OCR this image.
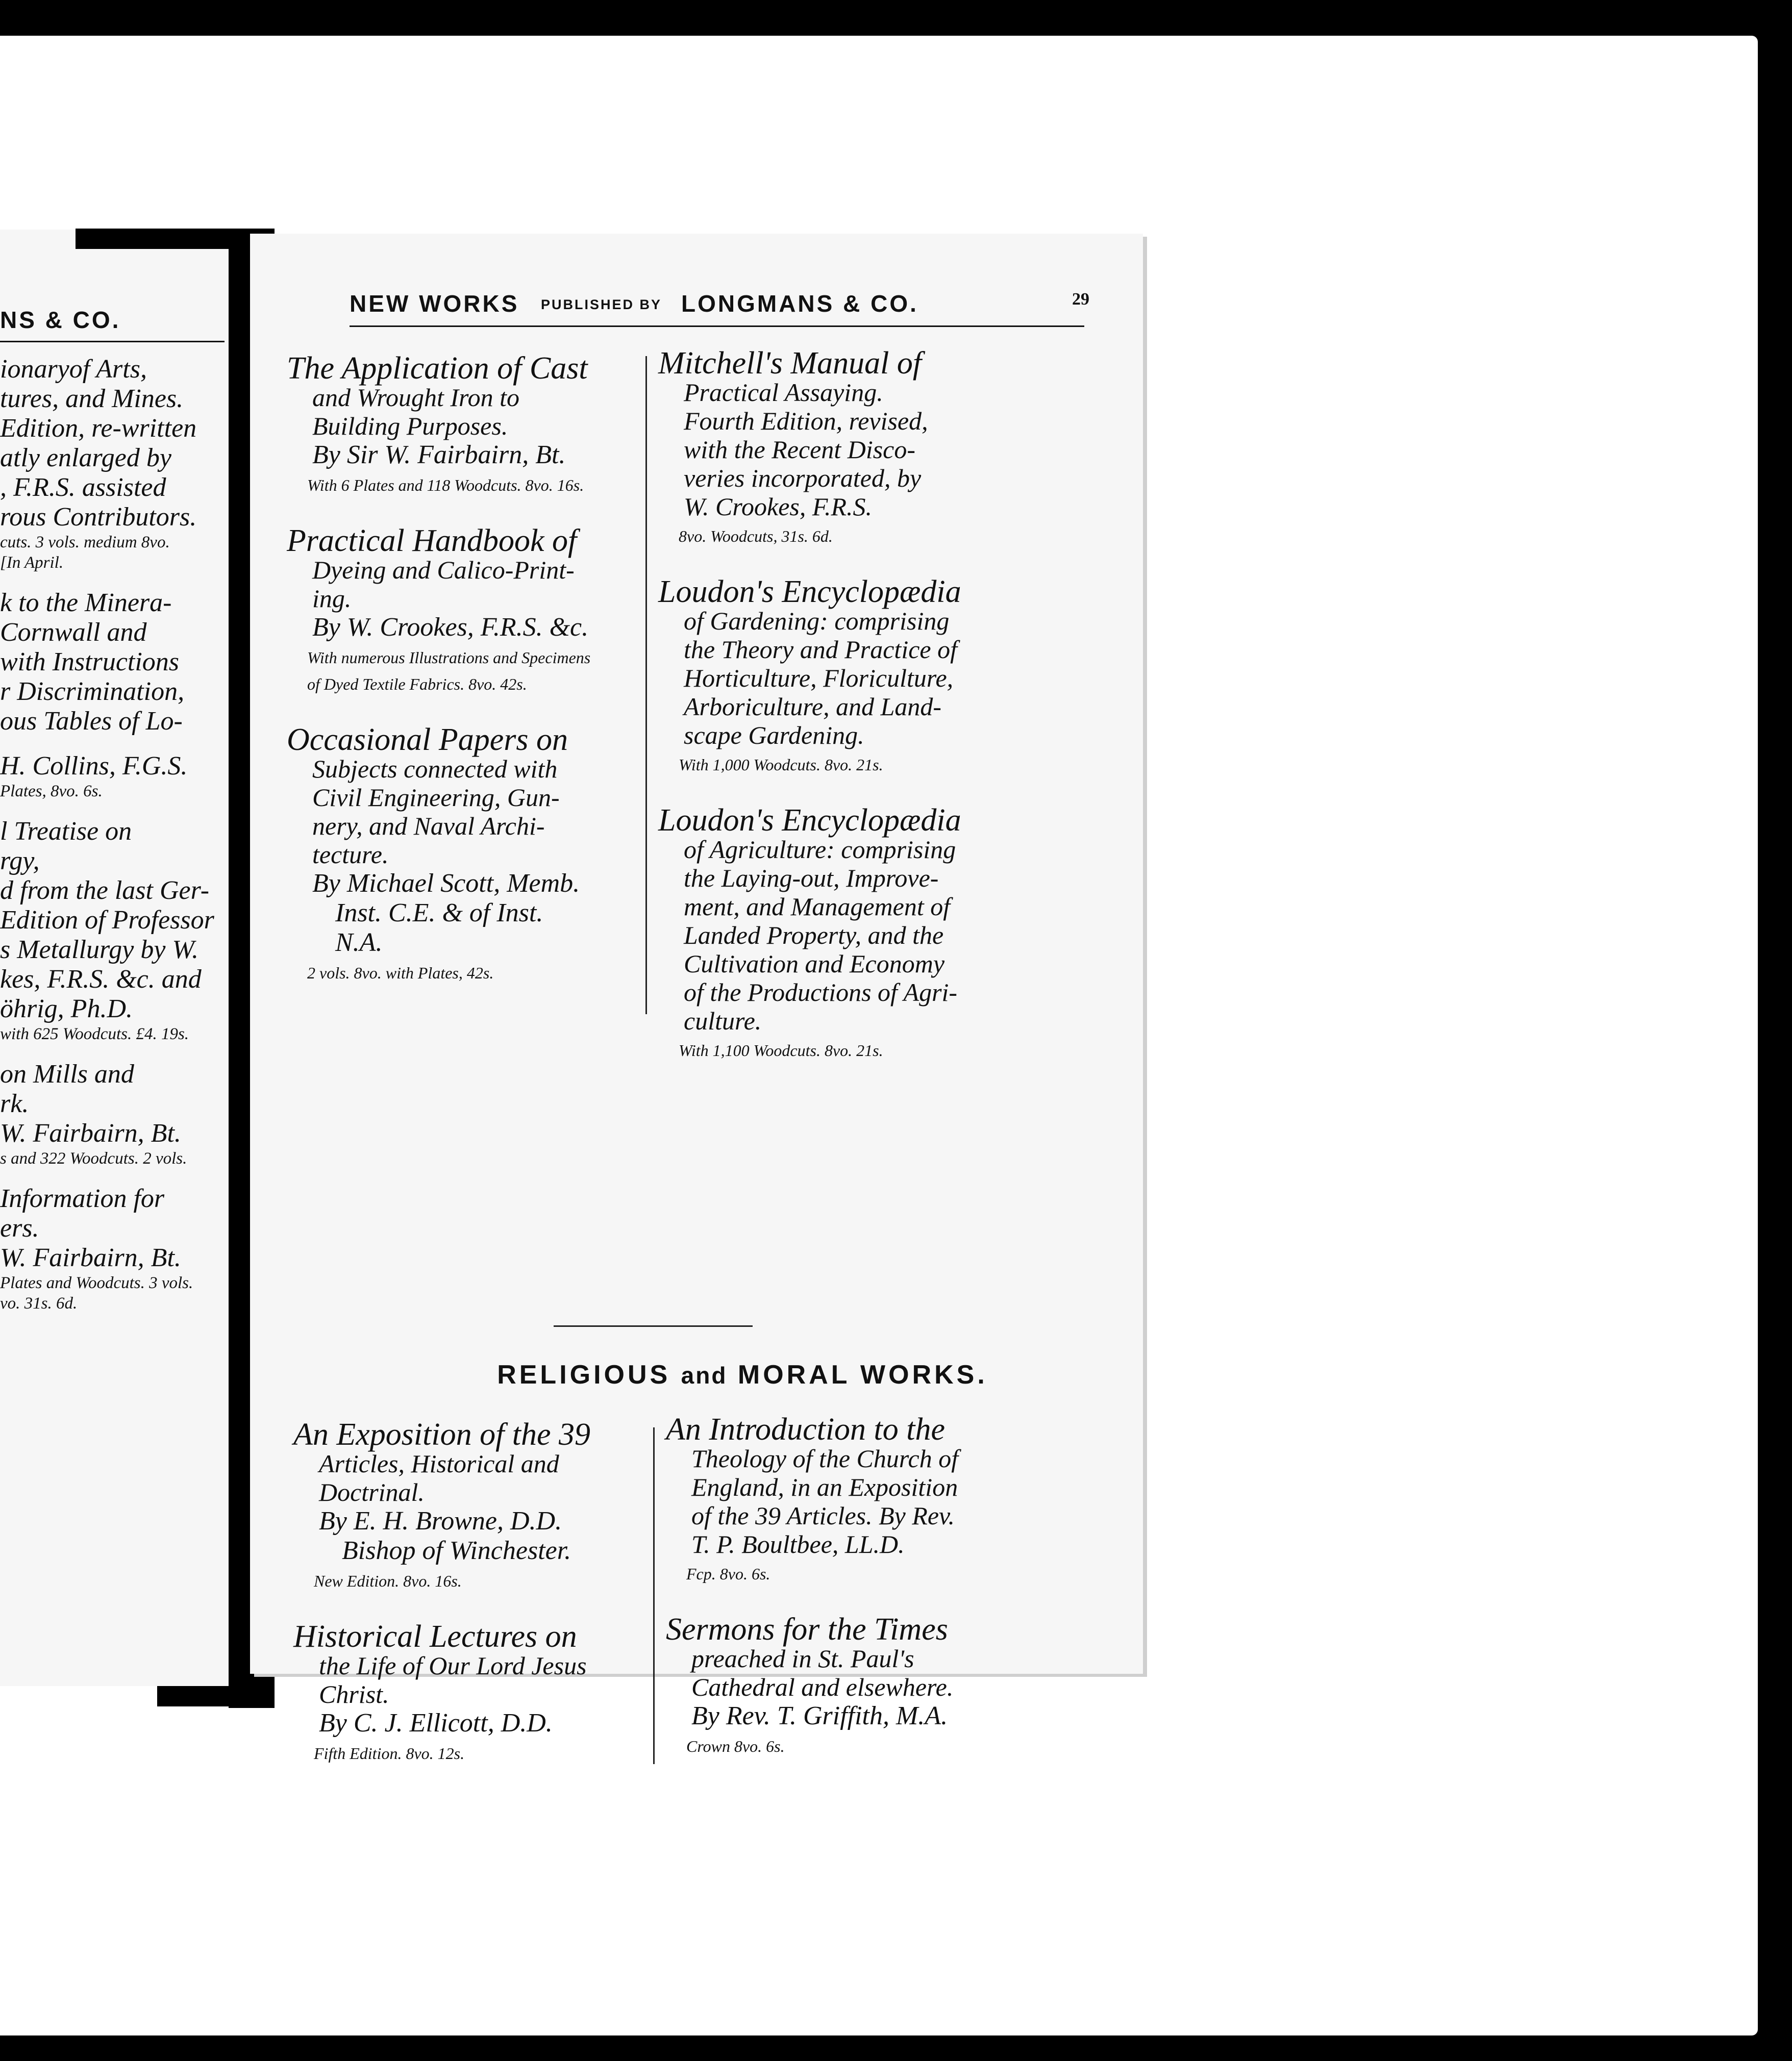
NS & CO.
ionaryof Arts,
tures, and Mines.
Edition, re-written
atly enlarged by
, F.R.S. assisted
rous Contributors.
cuts. 3 vols. medium 8vo.
[In April.

k to the Minera-
Cornwall and
with Instructions
r Discrimination,
ous Tables of Lo-

H. Collins, F.G.S.
Plates, 8vo. 6s.

l Treatise on
rgy,
d from the last Ger-
Edition of Professor
s Metallurgy by W.
kes, F.R.S. &c. and
öhrig, Ph.D.
with 625 Woodcuts. £4. 19s.

on Mills and
rk.
W. Fairbairn, Bt.
s and 322 Woodcuts. 2 vols.

Information for
ers.
W. Fairbairn, Bt.
Plates and Woodcuts. 3 vols.
vo. 31s. 6d.
NEW WORKS PUBLISHED BY LONGMANS & CO.	29
The Application of Cast
and Wrought Iron to
Building Purposes.
By Sir W. Fairbairn, Bt.
With 6 Plates and 118 Woodcuts. 8vo. 16s.
Practical Handbook of
Dyeing and Calico-Print-
ing.
By W. Crookes, F.R.S. &c.
With numerous Illustrations and Specimens
of Dyed Textile Fabrics. 8vo. 42s.
Occasional Papers on
Subjects connected with
Civil Engineering, Gun-
nery, and Naval Archi-
tecture.
By Michael Scott, Memb.
Inst. C.E. & of Inst.
N.A.
2 vols. 8vo. with Plates, 42s.
Mitchell's Manual of
Practical Assaying.
Fourth Edition, revised,
with the Recent Disco-
veries incorporated, by
W. Crookes, F.R.S.
8vo. Woodcuts, 31s. 6d.
Loudon's Encyclopædia
of Gardening: comprising
the Theory and Practice of
Horticulture, Floriculture,
Arboriculture, and Land-
scape Gardening.
With 1,000 Woodcuts. 8vo. 21s.
Loudon's Encyclopædia
of Agriculture: comprising
the Laying-out, Improve-
ment, and Management of
Landed Property, and the
Cultivation and Economy
of the Productions of Agri-
culture.
With 1,100 Woodcuts. 8vo. 21s.
RELIGIOUS and MORAL WORKS.
An Exposition of the 39
Articles, Historical and
Doctrinal.
By E. H. Browne, D.D.
Bishop of Winchester.
New Edition. 8vo. 16s.
Historical Lectures on
the Life of Our Lord Jesus
Christ.
By C. J. Ellicott, D.D.
Fifth Edition. 8vo. 12s.
An Introduction to the
Theology of the Church of
England, in an Exposition
of the 39 Articles. By Rev.
T. P. Boultbee, LL.D.
Fcp. 8vo. 6s.
Sermons for the Times
preached in St. Paul's
Cathedral and elsewhere.
By Rev. T. Griffith, M.A.
Crown 8vo. 6s.
